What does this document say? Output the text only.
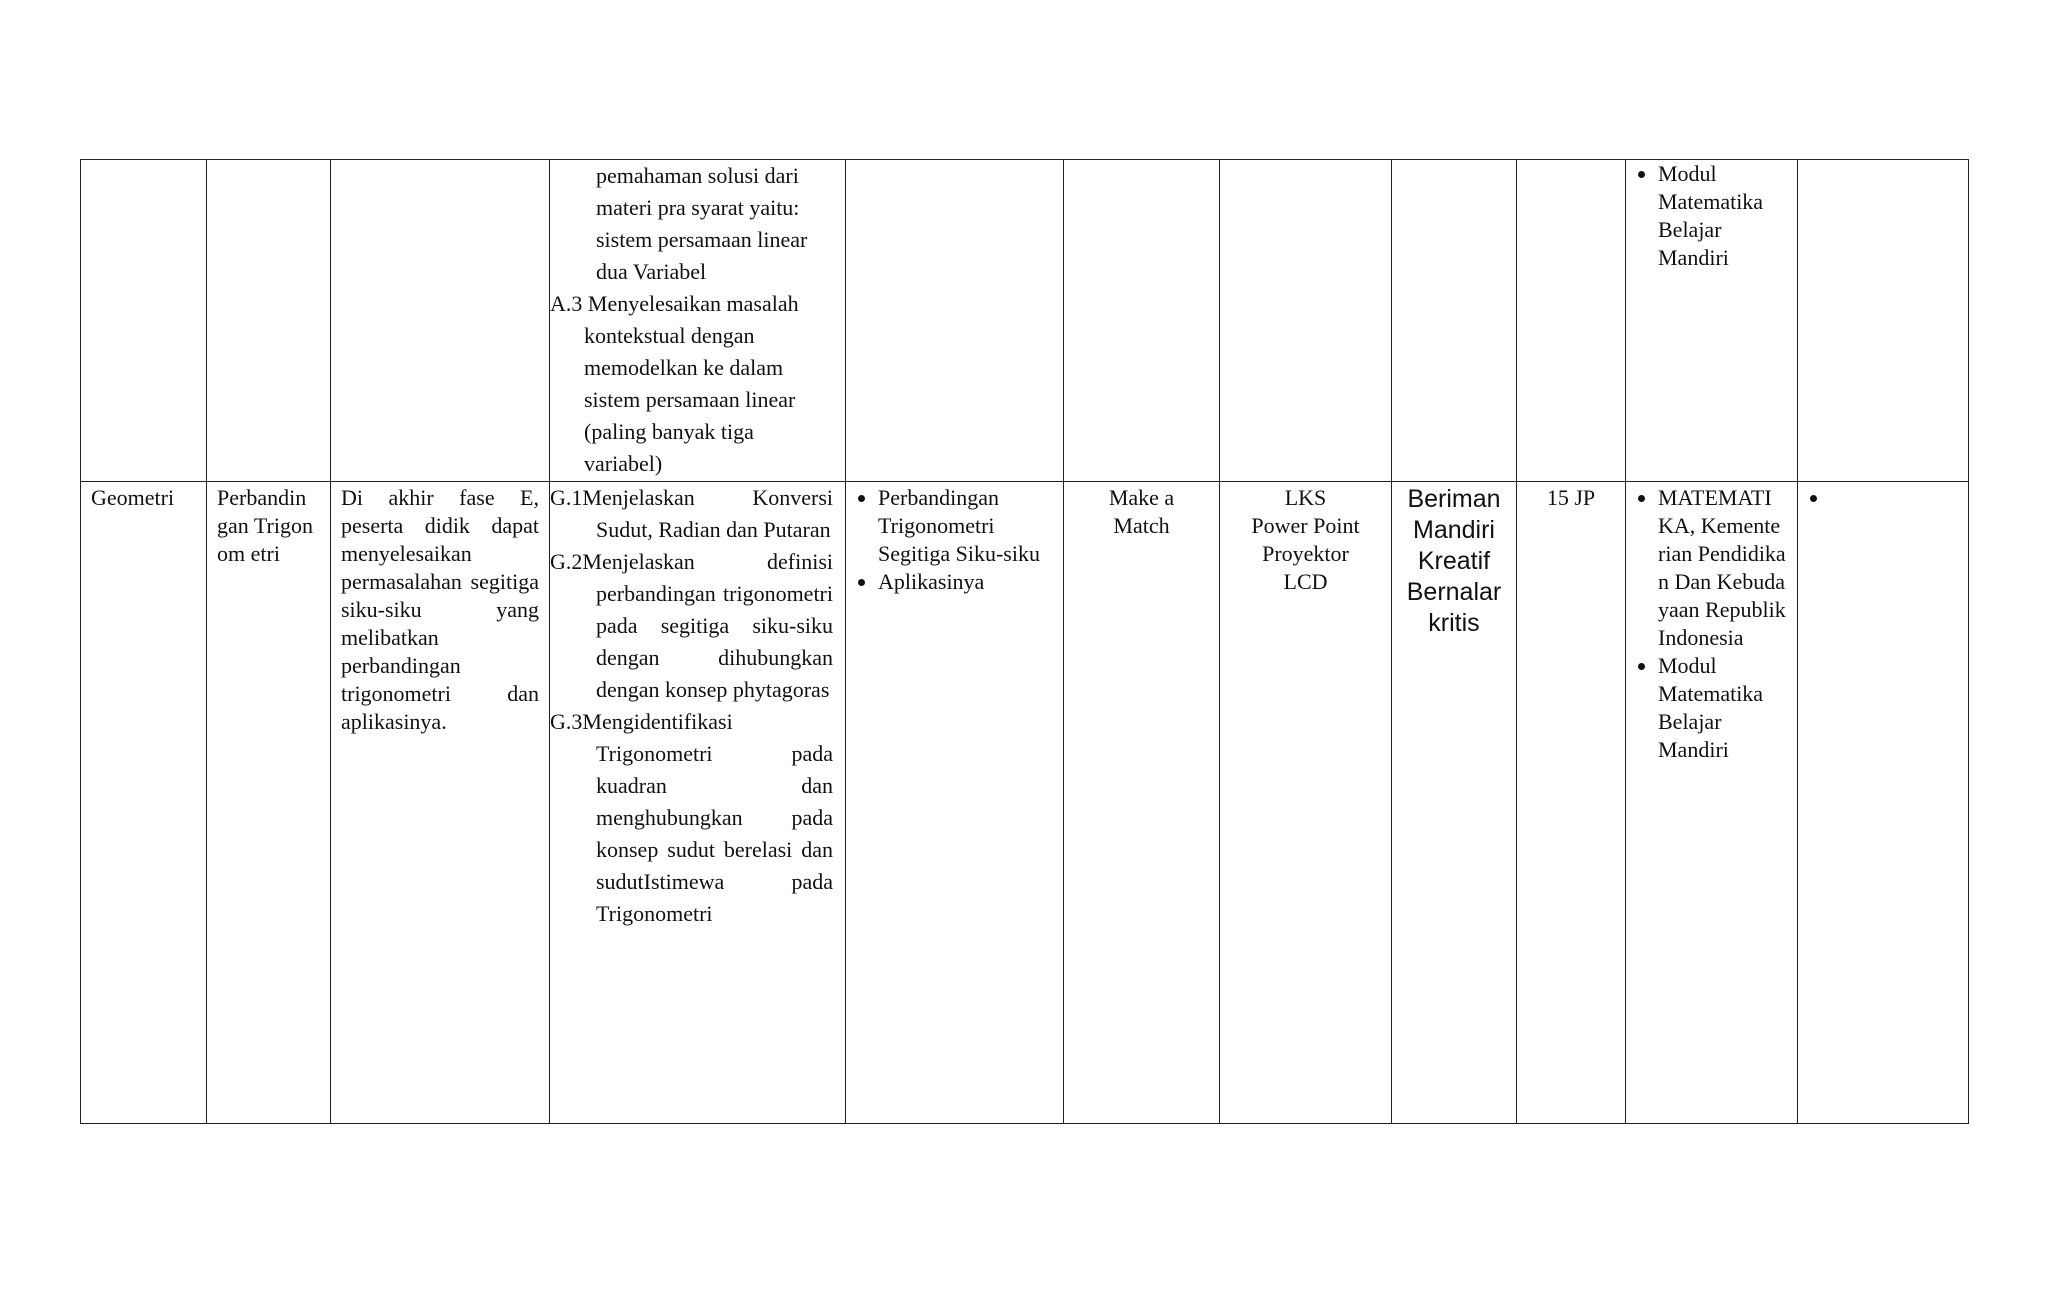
pemahaman solusi dari materi pra syarat yaitu: sistem persamaan linear dua Variabel
A.3 Menyelesaikan masalah
kontekstual dengan memodelkan ke dalam sistem persamaan linear (paling banyak tiga variabel)
• Modul Matematika Belajar Mandiri
Geometri	Perbandin gan Trigonom etri
Di akhir fase E, peserta didik dapat menyelesaikan permasalahan segitiga siku-siku yang melibatkan perbandingan trigonometri dan aplikasinya.
G.1Menjelaskan Konversi
Sudut, Radian dan Putaran
G.2Menjelaskan definisi
perbandingan trigonometri pada segitiga siku-siku dengan dihubungkan dengan konsep phytagoras
G.3Mengidentifikasi
Trigonometri pada kuadran dan menghubungkan pada konsep sudut berelasi dan sudutIstimewa pada Trigonometri
• Perbandingan Trigonometri Segitiga Siku-siku
• Aplikasinya
Make a Match
LKS
Power Point
Proyektor
LCD
Beriman
Mandiri
Kreatif
Bernalar
kritis
15 JP
•	MATEMATIKA, Kementerian Pendidikan Dan Kebudayaan Republik Indonesia
• Modul Matematika Belajar Mandiri
•
